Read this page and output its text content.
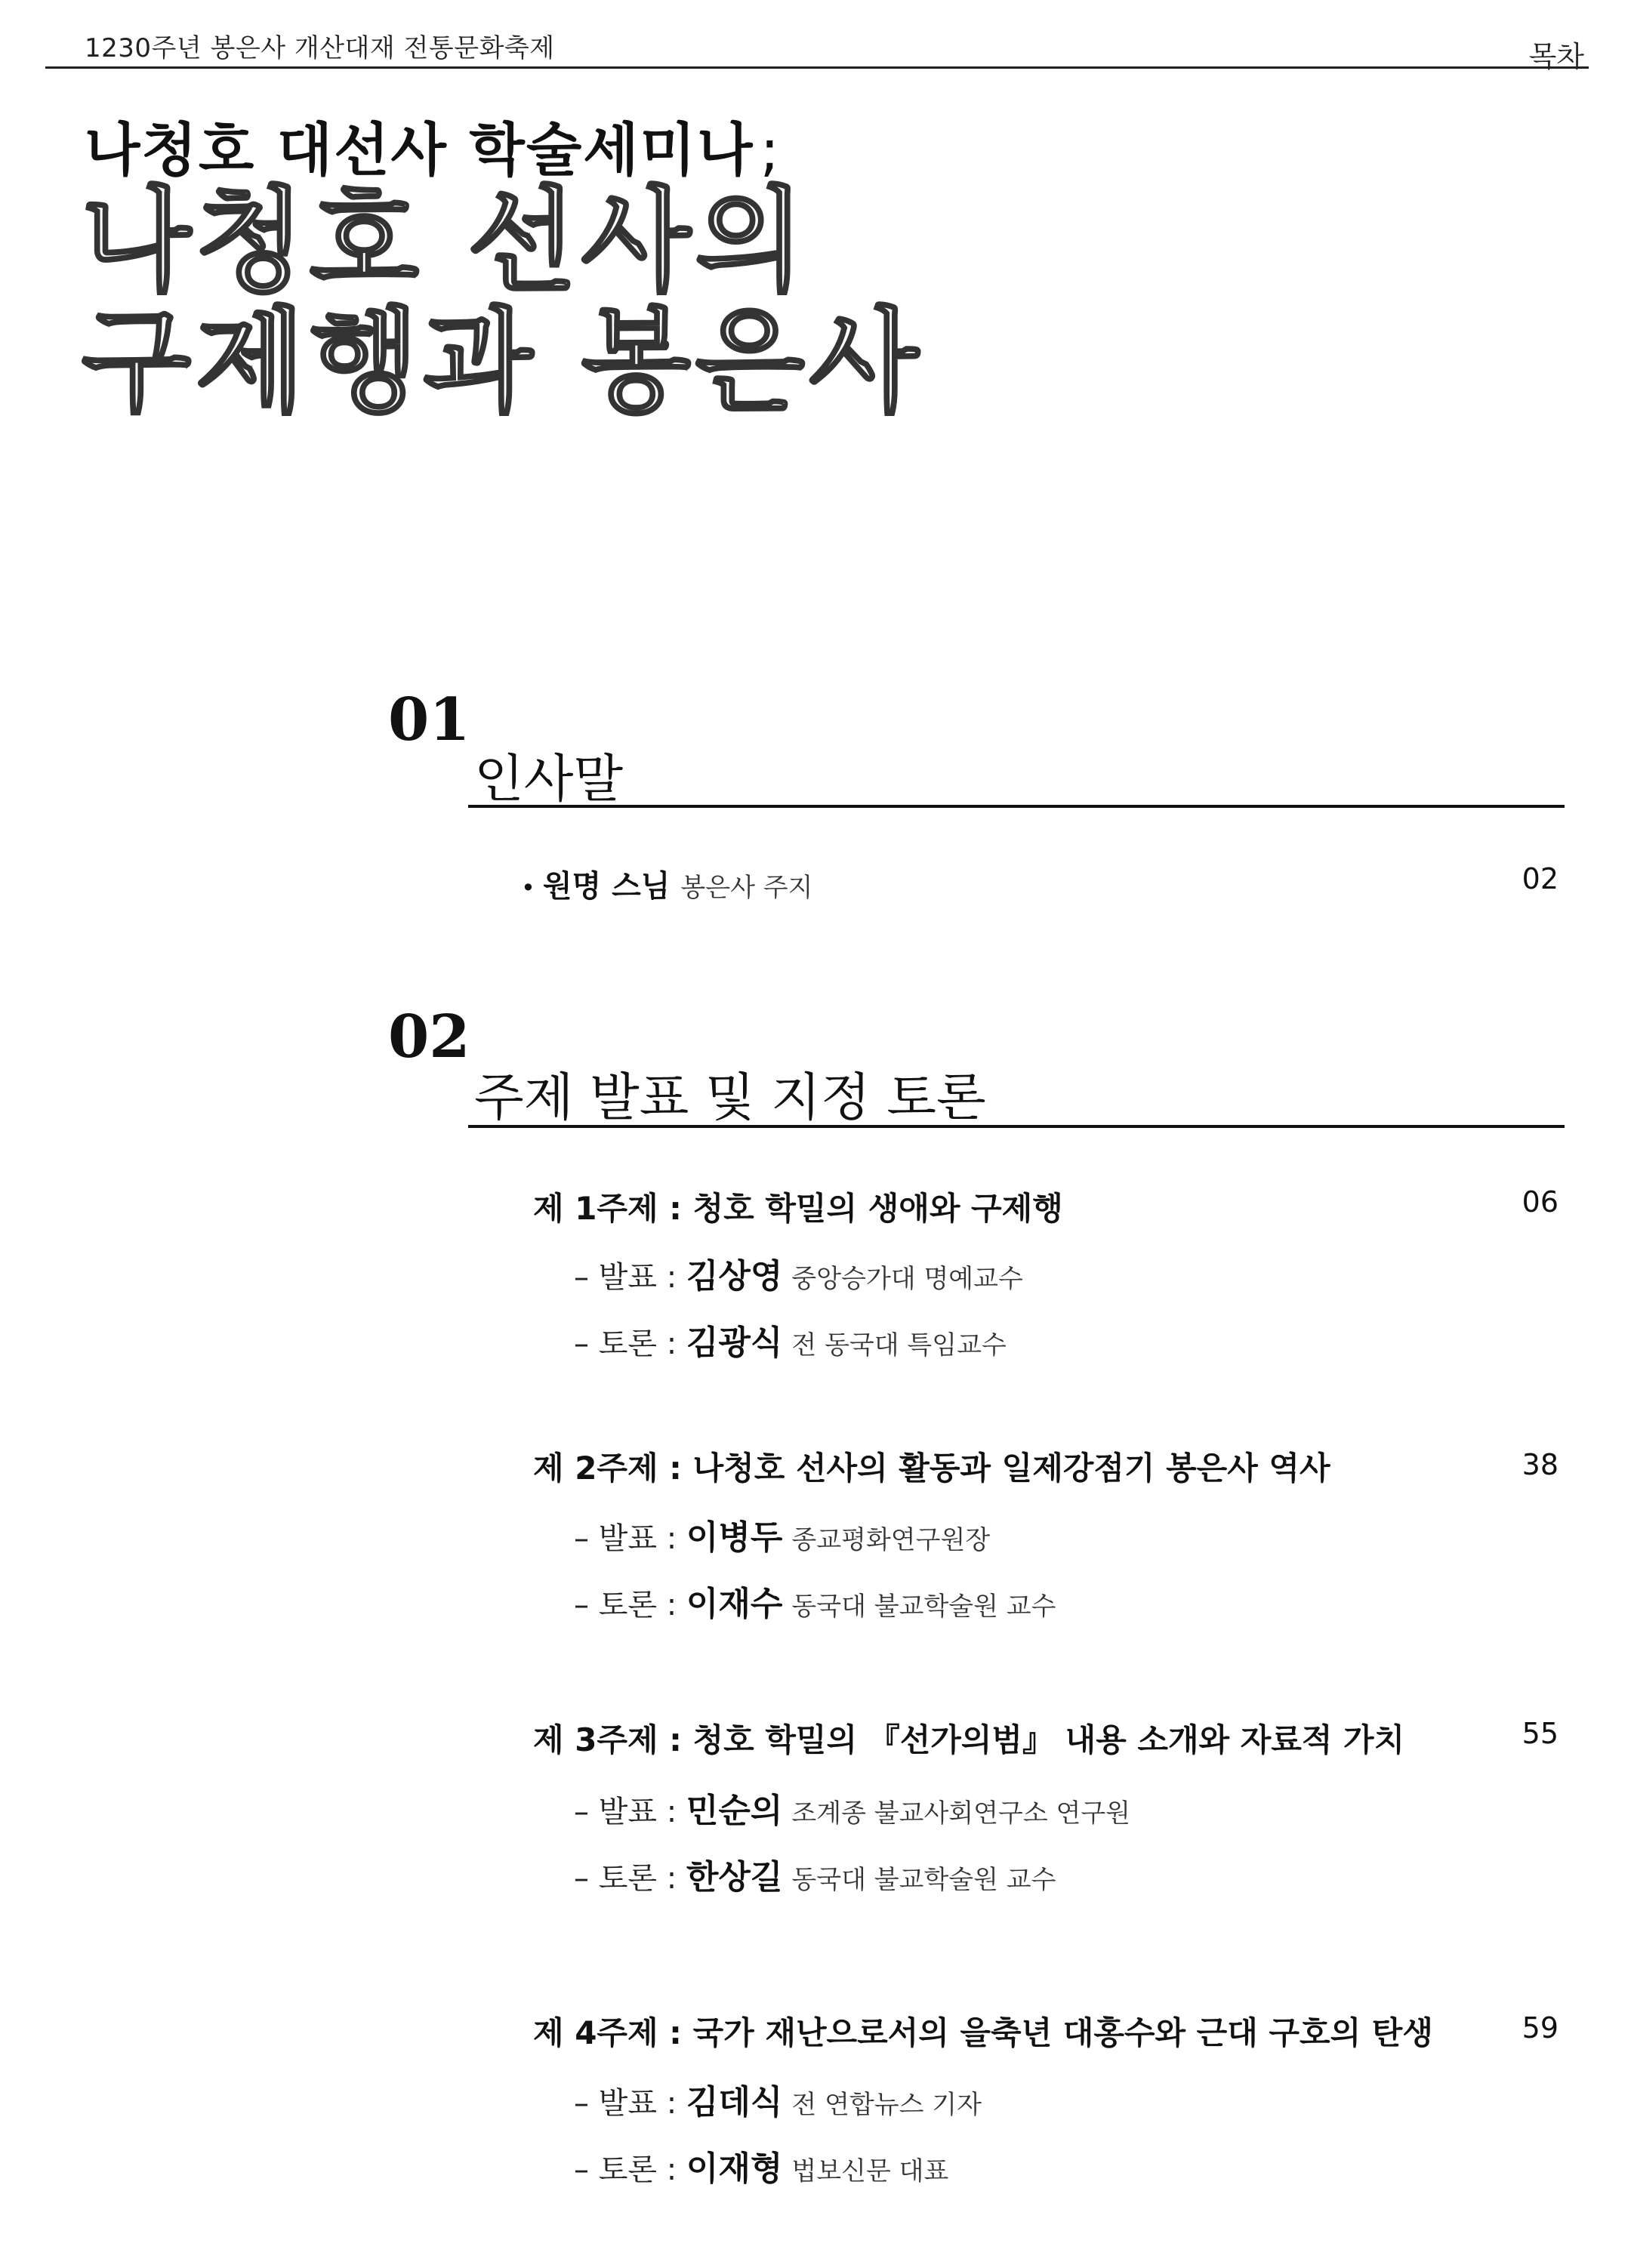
1230주년 봉은사 개산대재 전통문화축제	목차
나청호 대선사 학술세미나 ;
나청호 선사의
구제행과 봉은사
01
인사말
• 원명 스님 봉은사 주지	02
02
주제 발표 및 지정 토론
제 1주제 : 청호 학밀의 생애와 구제행	06
– 발표 : 김상영 중앙승가대 명예교수
– 토론 : 김광식 전 동국대 특임교수
제 2주제 : 나청호 선사의 활동과 일제강점기 봉은사 역사	38
– 발표 : 이병두 종교평화연구원장
– 토론 : 이재수 동국대 불교학술원 교수
제 3주제 : 청호 학밀의 『선가의범』 내용 소개와 자료적 가치	55
– 발표 : 민순의 조계종 불교사회연구소 연구원
– 토론 : 한상길 동국대 불교학술원 교수
제 4주제 : 국가 재난으로서의 을축년 대홍수와 근대 구호의 탄생	59
– 발표 : 김데식 전 연합뉴스 기자
– 토론 : 이재형 법보신문 대표
